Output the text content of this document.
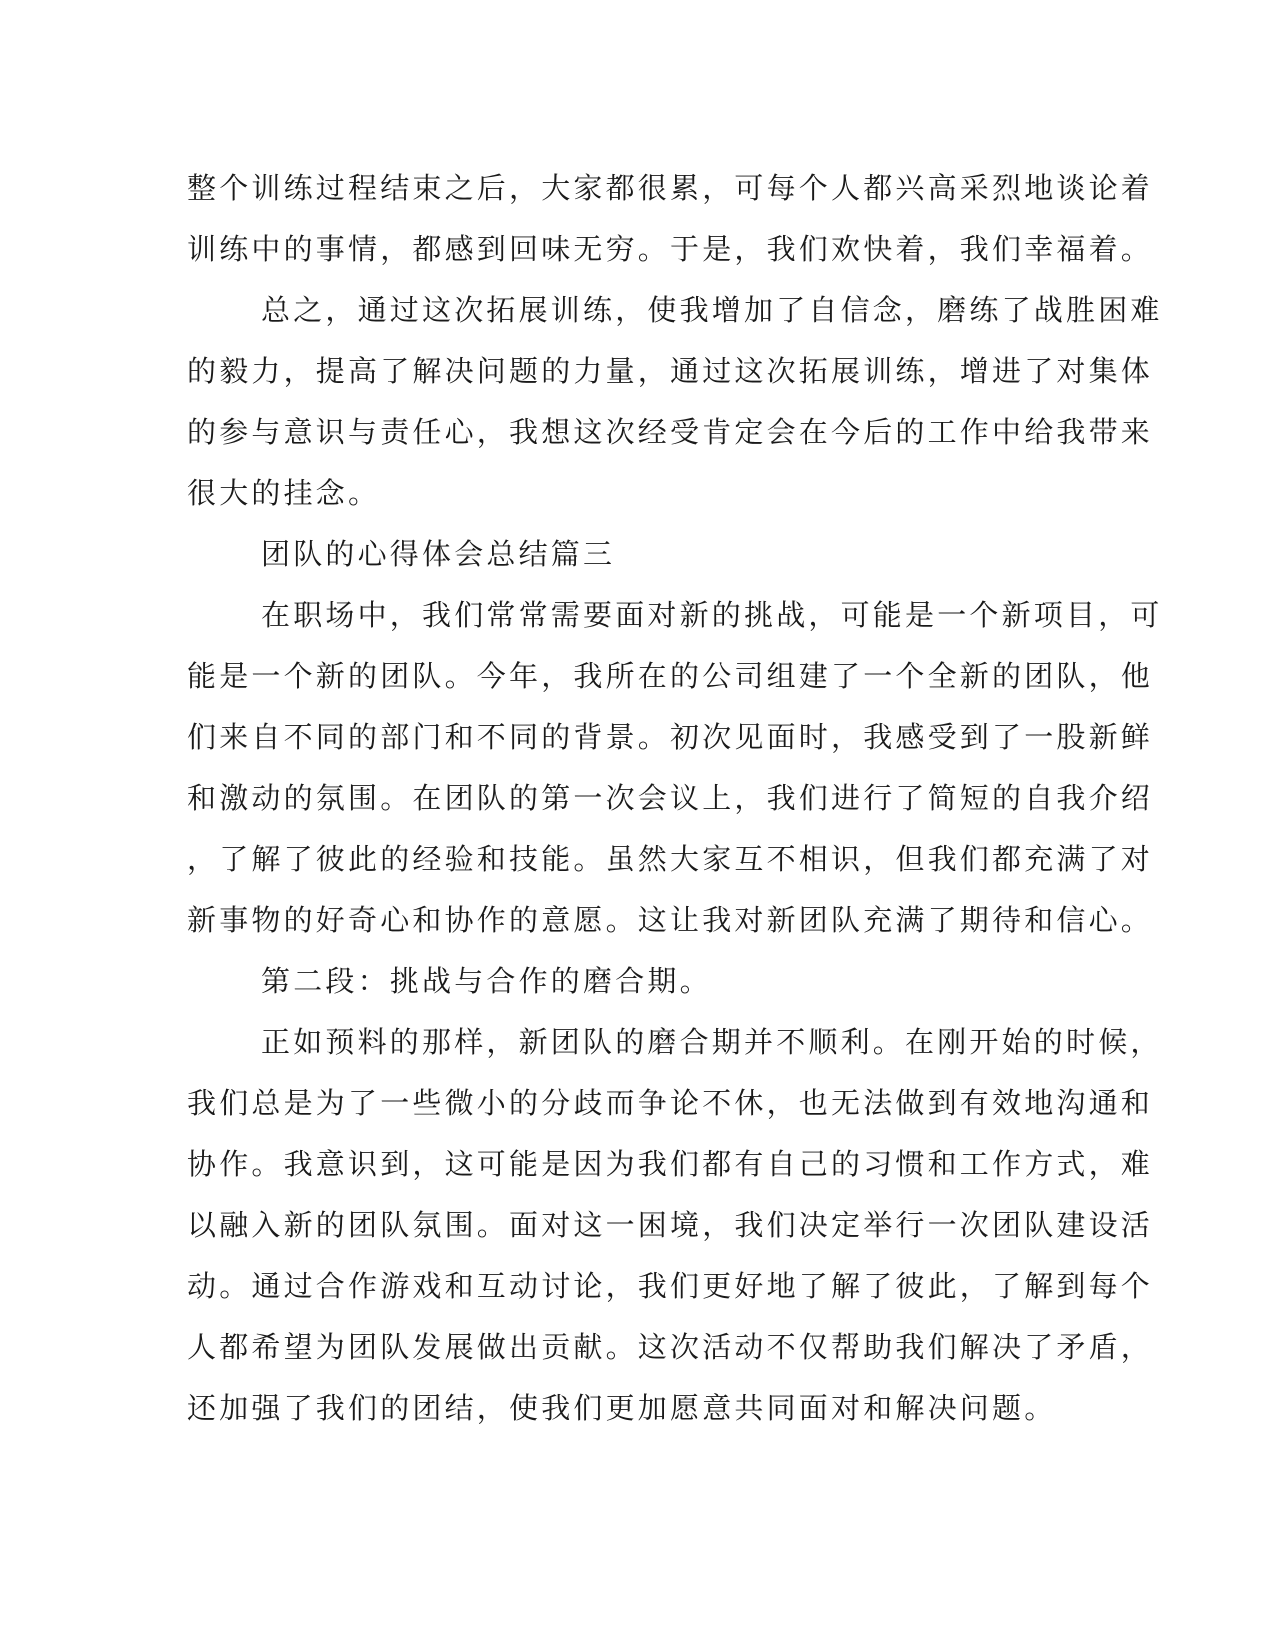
整个训练过程结束之后，大家都很累，可每个人都兴高采烈地谈论着
训练中的事情，都感到回味无穷。于是，我们欢快着，我们幸福着。
总之，通过这次拓展训练，使我增加了自信念，磨练了战胜困难
的毅力，提高了解决问题的力量，通过这次拓展训练，增进了对集体
的参与意识与责任心，我想这次经受肯定会在今后的工作中给我带来
很大的挂念。
团队的心得体会总结篇三
在职场中，我们常常需要面对新的挑战，可能是一个新项目，可
能是一个新的团队。今年，我所在的公司组建了一个全新的团队，他
们来自不同的部门和不同的背景。初次见面时，我感受到了一股新鲜
和激动的氛围。在团队的第一次会议上，我们进行了简短的自我介绍
，了解了彼此的经验和技能。虽然大家互不相识，但我们都充满了对
新事物的好奇心和协作的意愿。这让我对新团队充满了期待和信心。
第二段：挑战与合作的磨合期。
正如预料的那样，新团队的磨合期并不顺利。在刚开始的时候，
我们总是为了一些微小的分歧而争论不休，也无法做到有效地沟通和
协作。我意识到，这可能是因为我们都有自己的习惯和工作方式，难
以融入新的团队氛围。面对这一困境，我们决定举行一次团队建设活
动。通过合作游戏和互动讨论，我们更好地了解了彼此，了解到每个
人都希望为团队发展做出贡献。这次活动不仅帮助我们解决了矛盾，
还加强了我们的团结，使我们更加愿意共同面对和解决问题。
